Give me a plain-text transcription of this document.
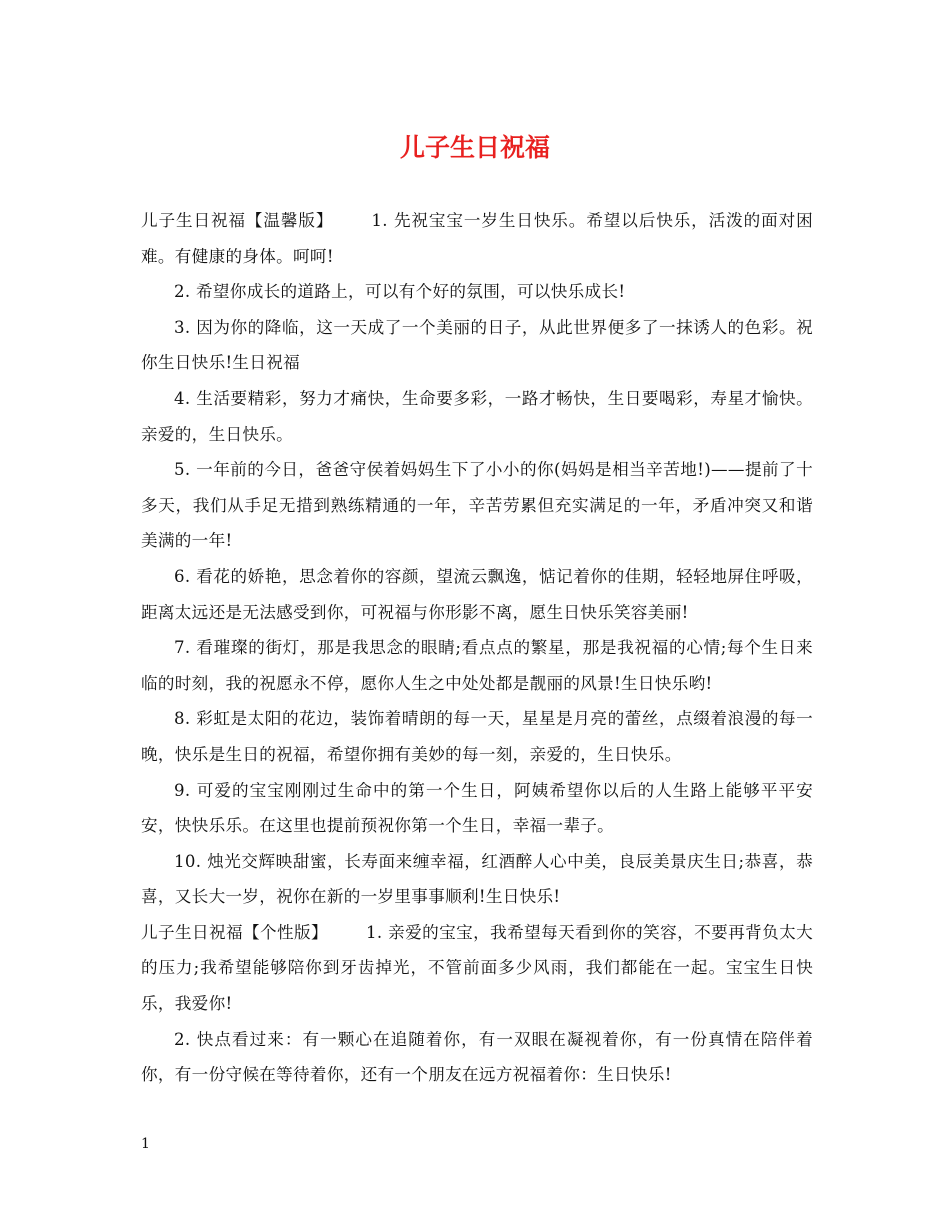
儿子生日祝福

儿子生日祝福【温馨版】 1. 先祝宝宝一岁生日快乐。希望以后快乐，活泼的面对困难。有健康的身体。呵呵!

2. 希望你成长的道路上，可以有个好的氛围，可以快乐成长!

3. 因为你的降临，这一天成了一个美丽的日子，从此世界便多了一抹诱人的色彩。祝你生日快乐!生日祝福

4. 生活要精彩，努力才痛快，生命要多彩，一路才畅快，生日要喝彩，寿星才愉快。亲爱的，生日快乐。

5. 一年前的今日，爸爸守侯着妈妈生下了小小的你(妈妈是相当辛苦地!)——提前了十多天，我们从手足无措到熟练精通的一年，辛苦劳累但充实满足的一年，矛盾冲突又和谐美满的一年!

6. 看花的娇艳，思念着你的容颜，望流云飘逸，惦记着你的佳期，轻轻地屏住呼吸，距离太远还是无法感受到你，可祝福与你形影不离，愿生日快乐笑容美丽!

7. 看璀璨的街灯，那是我思念的眼睛;看点点的繁星，那是我祝福的心情;每个生日来临的时刻，我的祝愿永不停，愿你人生之中处处都是靓丽的风景!生日快乐哟!

8. 彩虹是太阳的花边，装饰着晴朗的每一天，星星是月亮的蕾丝，点缀着浪漫的每一晚，快乐是生日的祝福，希望你拥有美妙的每一刻，亲爱的，生日快乐。

9. 可爱的宝宝刚刚过生命中的第一个生日，阿姨希望你以后的人生路上能够平平安安，快快乐乐。在这里也提前预祝你第一个生日，幸福一辈子。

10. 烛光交辉映甜蜜，长寿面来缠幸福，红酒醉人心中美，良辰美景庆生日;恭喜，恭喜，又长大一岁，祝你在新的一岁里事事顺利!生日快乐!

儿子生日祝福【个性版】 1. 亲爱的宝宝，我希望每天看到你的笑容，不要再背负太大的压力;我希望能够陪你到牙齿掉光，不管前面多少风雨，我们都能在一起。宝宝生日快乐，我爱你!

2. 快点看过来：有一颗心在追随着你，有一双眼在凝视着你，有一份真情在陪伴着你，有一份守候在等待着你，还有一个朋友在远方祝福着你：生日快乐!

1
